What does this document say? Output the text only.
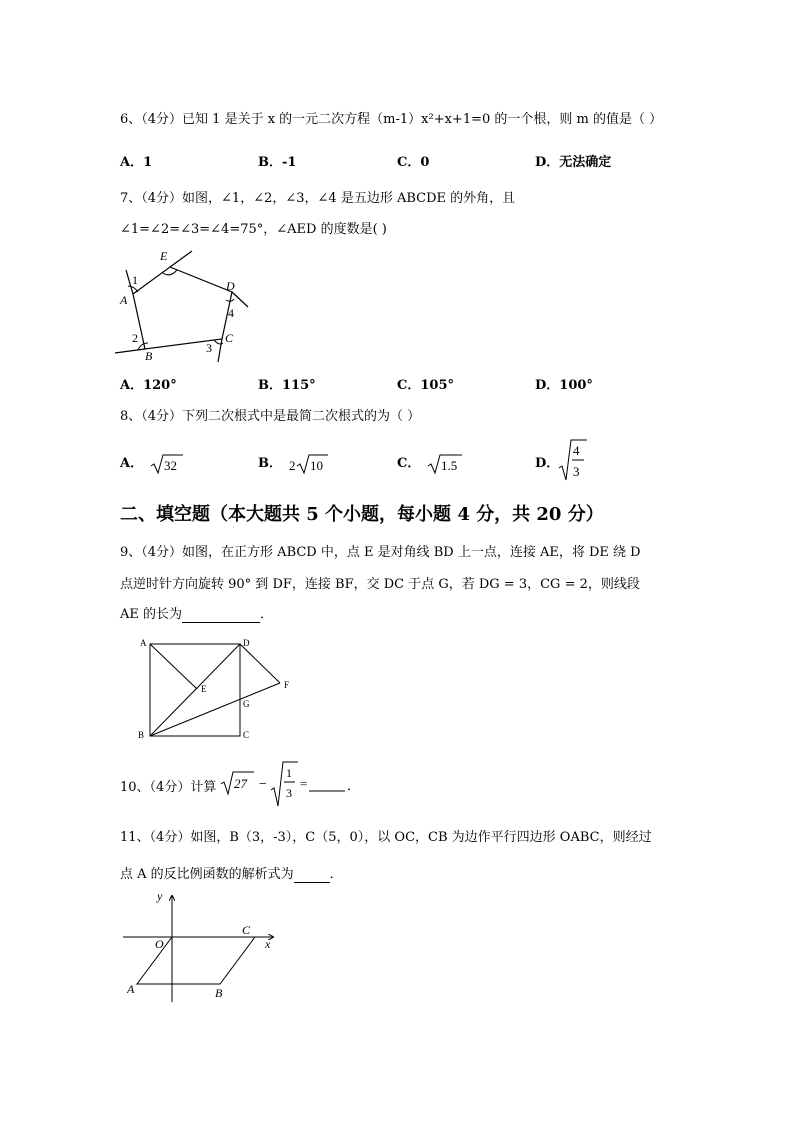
6、（4分）已知 1 是关于 x 的一元二次方程（m-1）x²+x+1=0 的一个根，则 m 的值是（ ）
A．1	B．-1	C．0	D．无法确定
7、（4分）如图，∠1，∠2，∠3，∠4 是五边形 ABCDE 的外角，且
∠1=∠2=∠3=∠4=75°，∠AED 的度数是( )
E
D
A
B
C
1
2
3
4
A．120°	B．115°	C．105°	D．100°
8、（4分）下列二次根式中是最简二次根式的为（ ）
A． 32	B． 2 10	C． 1.5	D．
4
3
二、填空题（本大题共 5 个小题，每小题 4 分，共 20 分）
9、（4分）如图，在正方形 ABCD 中，点 E 是对角线 BD 上一点，连接 AE，将 DE 绕 D
点逆时针方向旋转 90° 到 DF，连接 BF，交 DC 于点 G，若 DG = 3，CG = 2，则线段
AE 的长为	．
A	D
E	F
G
B	C
10、（4分）计算 27 −
1
3
=	．
11、（4分）如图，B（3，-3），C（5，0），以 OC，CB 为边作平行四边形 OABC，则经过
点 A 的反比例函数的解析式为	．
y
x
O
C
A	B
